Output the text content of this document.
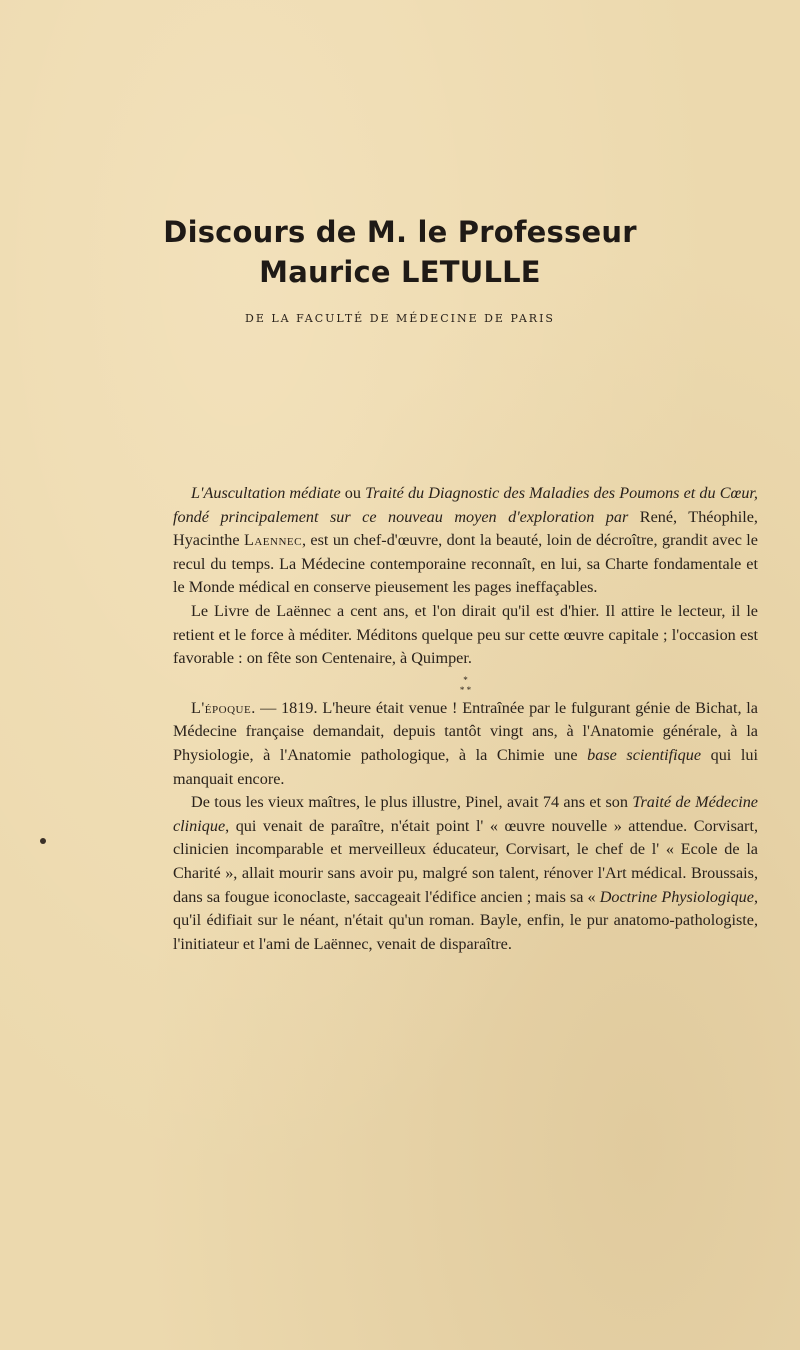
Discours de M. le Professeur
Maurice LETULLE
DE LA FACULTÉ DE MÉDECINE DE PARIS

L'Auscultation médiate ou Traité du Diagnostic des Maladies des Poumons et du Cœur, fondé principalement sur ce nouveau moyen d'exploration par René, Théophile, Hyacinthe Laennec, est un chef-d'œuvre, dont la beauté, loin de décroître, grandit avec le recul du temps. La Médecine contemporaine reconnaît, en lui, sa Charte fondamentale et le Monde médical en conserve pieusement les pages ineffaçables.

Le Livre de Laënnec a cent ans, et l'on dirait qu'il est d'hier. Il attire le lecteur, il le retient et le force à méditer. Méditons quelque peu sur cette œuvre capitale ; l'occasion est favorable : on fête son Centenaire, à Quimper.

*
* *

L'époque. — 1819. L'heure était venue ! Entraînée par le fulgurant génie de Bichat, la Médecine française demandait, depuis tantôt vingt ans, à l'Anatomie générale, à la Physiologie, à l'Anatomie pathologique, à la Chimie une base scientifique qui lui manquait encore.

De tous les vieux maîtres, le plus illustre, Pinel, avait 74 ans et son Traité de Médecine clinique, qui venait de paraître, n'était point l' « œuvre nouvelle » attendue. Corvisart, clinicien incomparable et merveilleux éducateur, Corvisart, le chef de l' « Ecole de la Charité », allait mourir sans avoir pu, malgré son talent, rénover l'Art médical. Broussais, dans sa fougue iconoclaste, saccageait l'édifice ancien ; mais sa « Doctrine Physiologique, qu'il édifiait sur le néant, n'était qu'un roman. Bayle, enfin, le pur anatomo-pathologiste, l'initiateur et l'ami de Laënnec, venait de disparaître.
